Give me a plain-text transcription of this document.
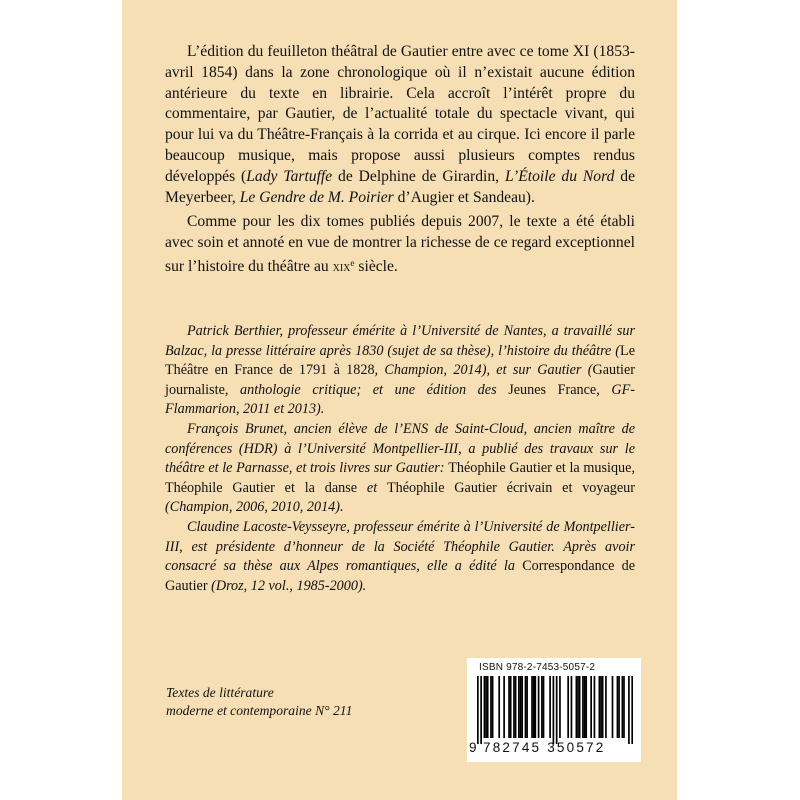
L’édition du feuilleton théâtral de Gautier entre avec ce tome XI (1853-avril 1854) dans la zone chronologique où il n’existait aucune édition antérieure du texte en librairie. Cela accroît l’intérêt propre du commentaire, par Gautier, de l’actualité totale du spectacle vivant, qui pour lui va du Théâtre-Français à la corrida et au cirque. Ici encore il parle beaucoup musique, mais propose aussi plusieurs comptes rendus développés (Lady Tartuffe de Delphine de Girardin, L’Étoile du Nord de Meyerbeer, Le Gendre de M. Poirier d’Augier et Sandeau).

Comme pour les dix tomes publiés depuis 2007, le texte a été établi avec soin et annoté en vue de montrer la richesse de ce regard exceptionnel sur l’histoire du théâtre au xix$^e$ siècle.

Patrick Berthier, professeur émérite à l’Université de Nantes, a travaillé sur Balzac, la presse littéraire après 1830 (sujet de sa thèse), l’histoire du théâtre (Le Théâtre en France de 1791 à 1828, Champion, 2014), et sur Gautier (Gautier journaliste, anthologie critique; et une édition des Jeunes France, GF-Flammarion, 2011 et 2013).

François Brunet, ancien élève de l’ENS de Saint-Cloud, ancien maître de conférences (HDR) à l’Université Montpellier-III, a publié des travaux sur le théâtre et le Parnasse, et trois livres sur Gautier: Théophile Gautier et la musique, Théophile Gautier et la danse et Théophile Gautier écrivain et voyageur (Champion, 2006, 2010, 2014).

Claudine Lacoste-Veysseyre, professeur émérite à l’Université de Montpellier-III, est présidente d’honneur de la Société Théophile Gautier. Après avoir consacré sa thèse aux Alpes romantiques, elle a édité la Correspondance de Gautier (Droz, 12 vol., 1985-2000).

Textes de littérature
moderne et contemporaine N° 211
ISBN 978-2-7453-5057-2
9 782745 350572
